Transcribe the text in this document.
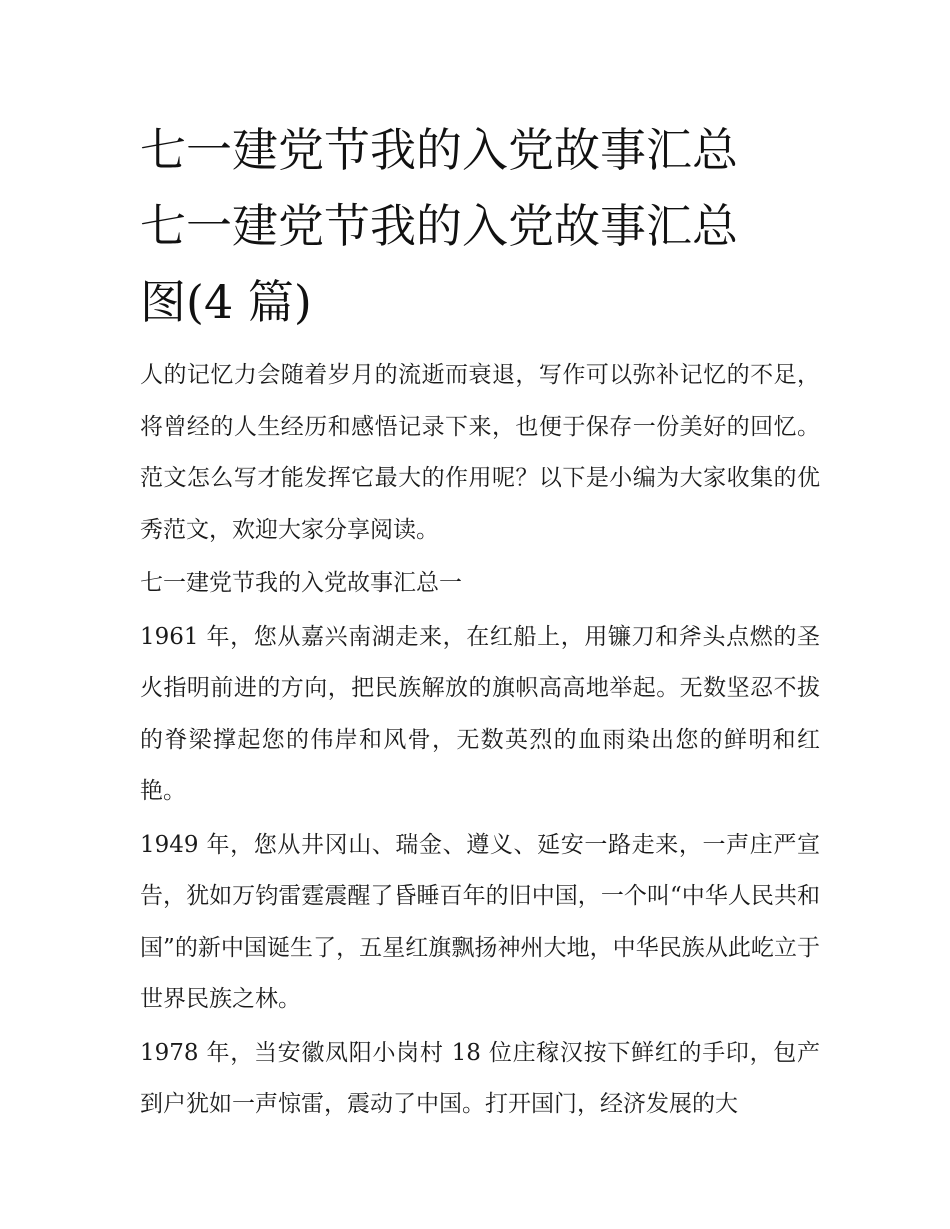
七一建党节我的入党故事汇总
七一建党节我的入党故事汇总
图(4 篇)

人的记忆力会随着岁月的流逝而衰退，写作可以弥补记忆的不足，将曾经的人生经历和感悟记录下来，也便于保存一份美好的回忆。范文怎么写才能发挥它最大的作用呢？以下是小编为大家收集的优秀范文，欢迎大家分享阅读。

七一建党节我的入党故事汇总一

1961 年，您从嘉兴南湖走来，在红船上，用镰刀和斧头点燃的圣火指明前进的方向，把民族解放的旗帜高高地举起。无数坚忍不拔的脊梁撑起您的伟岸和风骨，无数英烈的血雨染出您的鲜明和红艳。

1949 年，您从井冈山、瑞金、遵义、延安一路走来，一声庄严宣告，犹如万钧雷霆震醒了昏睡百年的旧中国，一个叫“中华人民共和国”的新中国诞生了，五星红旗飘扬神州大地，中华民族从此屹立于世界民族之林。

1978 年，当安徽凤阳小岗村 18 位庄稼汉按下鲜红的手印，包产到户犹如一声惊雷，震动了中国。打开国门，经济发展的大
